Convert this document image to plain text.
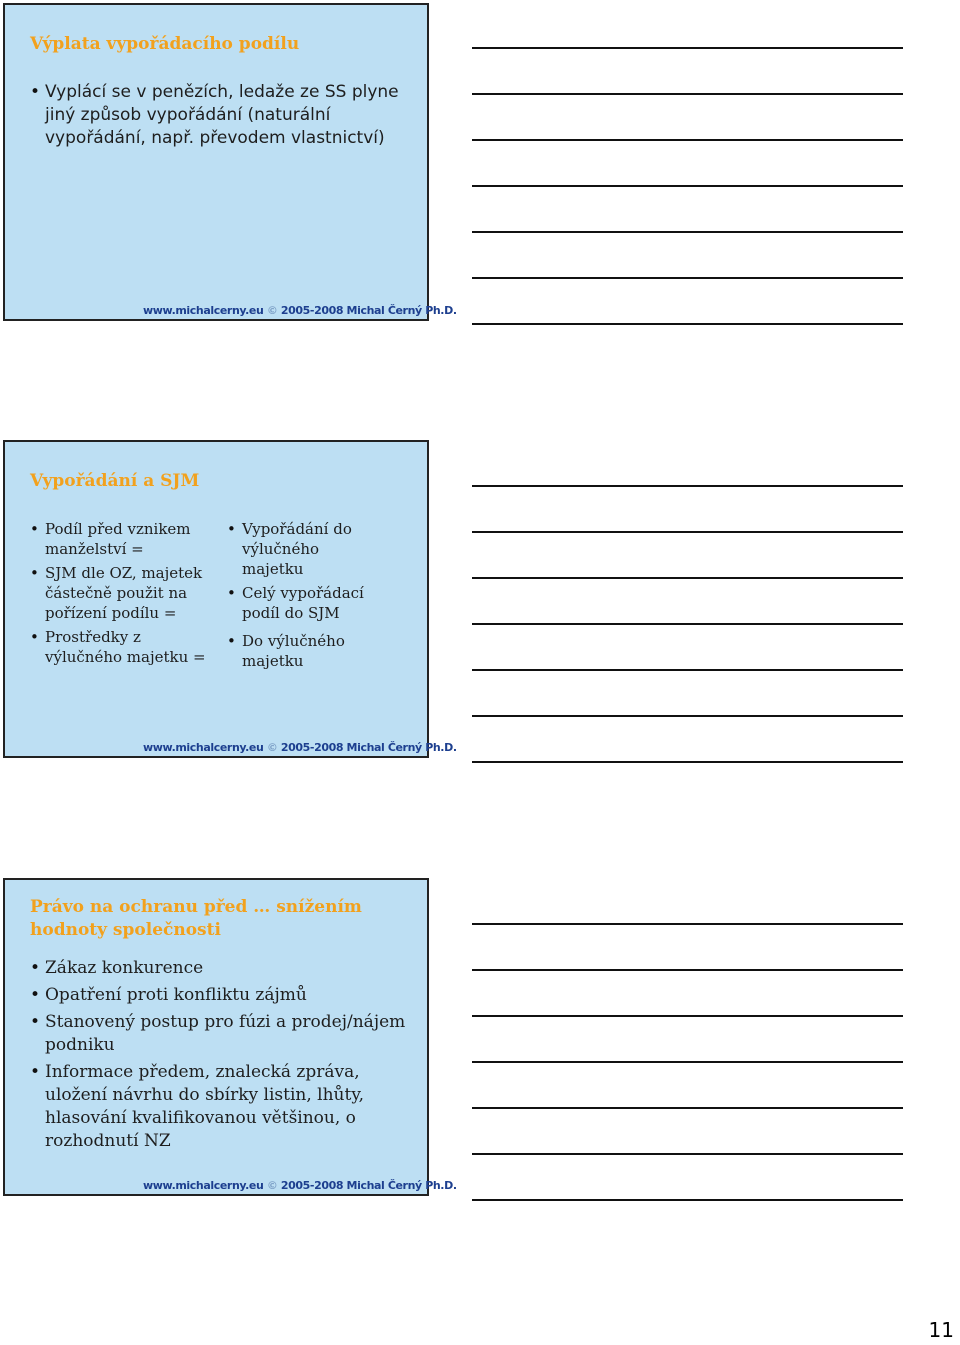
Výplata vypořádacího podílu
• Vyplácí se v penězích, ledaže ze SS plyne jiný způsob vypořádání (naturální vypořádání, např. převodem vlastnictví)
www.michalcerny.eu © 2005-2008 Michal Černý Ph.D.
Vypořádání a SJM
• Podíl před vznikem manželství =
• SJM dle OZ, majetek částečně použit na pořízení podílu =
• Prostředky z výlučného majetku =
• Vypořádání do výlučného majetku
• Celý vypořádací podíl do SJM
• Do výlučného majetku
www.michalcerny.eu © 2005-2008 Michal Černý Ph.D.
Právo na ochranu před … snížením hodnoty společnosti
• Zákaz konkurence
• Opatření proti konfliktu zájmů
• Stanovený postup pro fúzi a prodej/nájem podniku
• Informace předem, znalecká zpráva, uložení návrhu do sbírky listin, lhůty, hlasování kvalifikovanou většinou, o rozhodnutí NZ
www.michalcerny.eu © 2005-2008 Michal Černý Ph.D.
11
